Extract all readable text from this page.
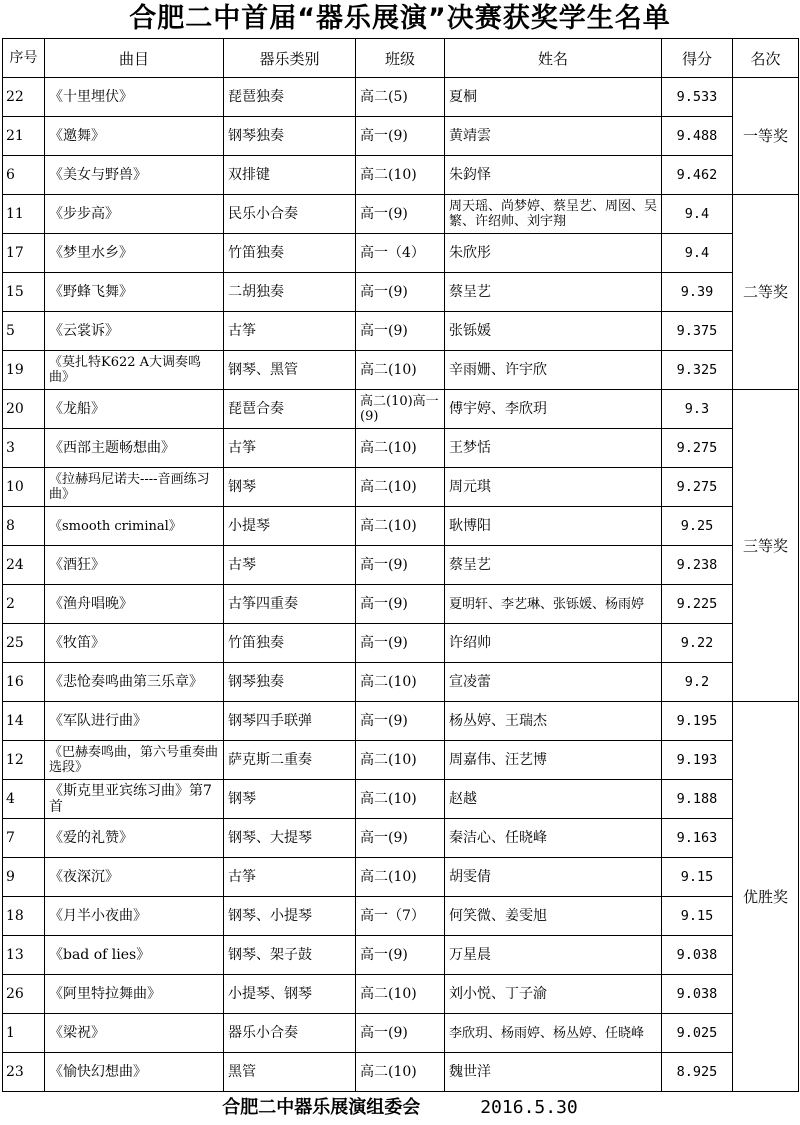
合肥二中首届“器乐展演”决赛获奖学生名单
序号	曲目	器乐类别	班级	姓名	得分	名次
22	《十里埋伏》	琵琶独奏	高二(5)	夏桐	9.533	一等奖
21	《邀舞》	钢琴独奏	高一(9)	黄靖雲	9.488	
6	《美女与野兽》	双排键	高二(10)	朱鈞怿	9.462	
11	《步步高》	民乐小合奏	高一(9)	周天瑶、尚梦婷、蔡呈艺、周囡、吴繁、许绍帅、刘宇翔	9.4	二等奖
17	《梦里水乡》	竹笛独奏	高一（4）	朱欣彤	9.4	
15	《野蜂飞舞》	二胡独奏	高一(9)	蔡呈艺	9.39	
5	《云裳诉》	古筝	高一(9)	张铄媛	9.375	
19	《莫扎特K622 A大调奏鸣曲》	钢琴、黑管	高二(10)	辛雨姗、许宇欣	9.325	
20	《龙船》	琵琶合奏	高二(10)高一(9)	傅宇婷、李欣玥	9.3	三等奖
3	《西部主题畅想曲》	古筝	高二(10)	王梦恬	9.275	
10	《拉赫玛尼诺夫----音画练习曲》	钢琴	高二(10)	周元琪	9.275	
8	《smooth criminal》	小提琴	高二(10)	耿博阳	9.25	
24	《酒狂》	古琴	高一(9)	蔡呈艺	9.238	
2	《渔舟唱晚》	古筝四重奏	高一(9)	夏明轩、李艺琳、张铄媛、杨雨婷	9.225	
25	《牧笛》	竹笛独奏	高一(9)	许绍帅	9.22	
16	《悲怆奏鸣曲第三乐章》	钢琴独奏	高二(10)	宣凌蕾	9.2	
14	《军队进行曲》	钢琴四手联弹	高一(9)	杨丛婷、王瑞杰	9.195	优胜奖
12	《巴赫奏鸣曲，第六号重奏曲选段》	萨克斯二重奏	高二(10)	周嘉伟、汪艺博	9.193	
4	《斯克里亚宾练习曲》第7首	钢琴	高二(10)	赵越	9.188	
7	《爱的礼赞》	钢琴、大提琴	高一(9)	秦洁心、任晓峰	9.163	
9	《夜深沉》	古筝	高二(10)	胡雯倩	9.15	
18	《月半小夜曲》	钢琴、小提琴	高一（7）	何笑微、姜雯旭	9.15	
13	《bad of lies》	钢琴、架子鼓	高一(9)	万星晨	9.038	
26	《阿里特拉舞曲》	小提琴、钢琴	高二(10)	刘小悦、丁子渝	9.038	
1	《梁祝》	器乐小合奏	高一(9)	李欣玥、杨雨婷、杨丛婷、任晓峰	9.025	
23	《愉快幻想曲》	黑管	高二(10)	魏世洋	8.925	
合肥二中器乐展演组委会	2016.5.30
